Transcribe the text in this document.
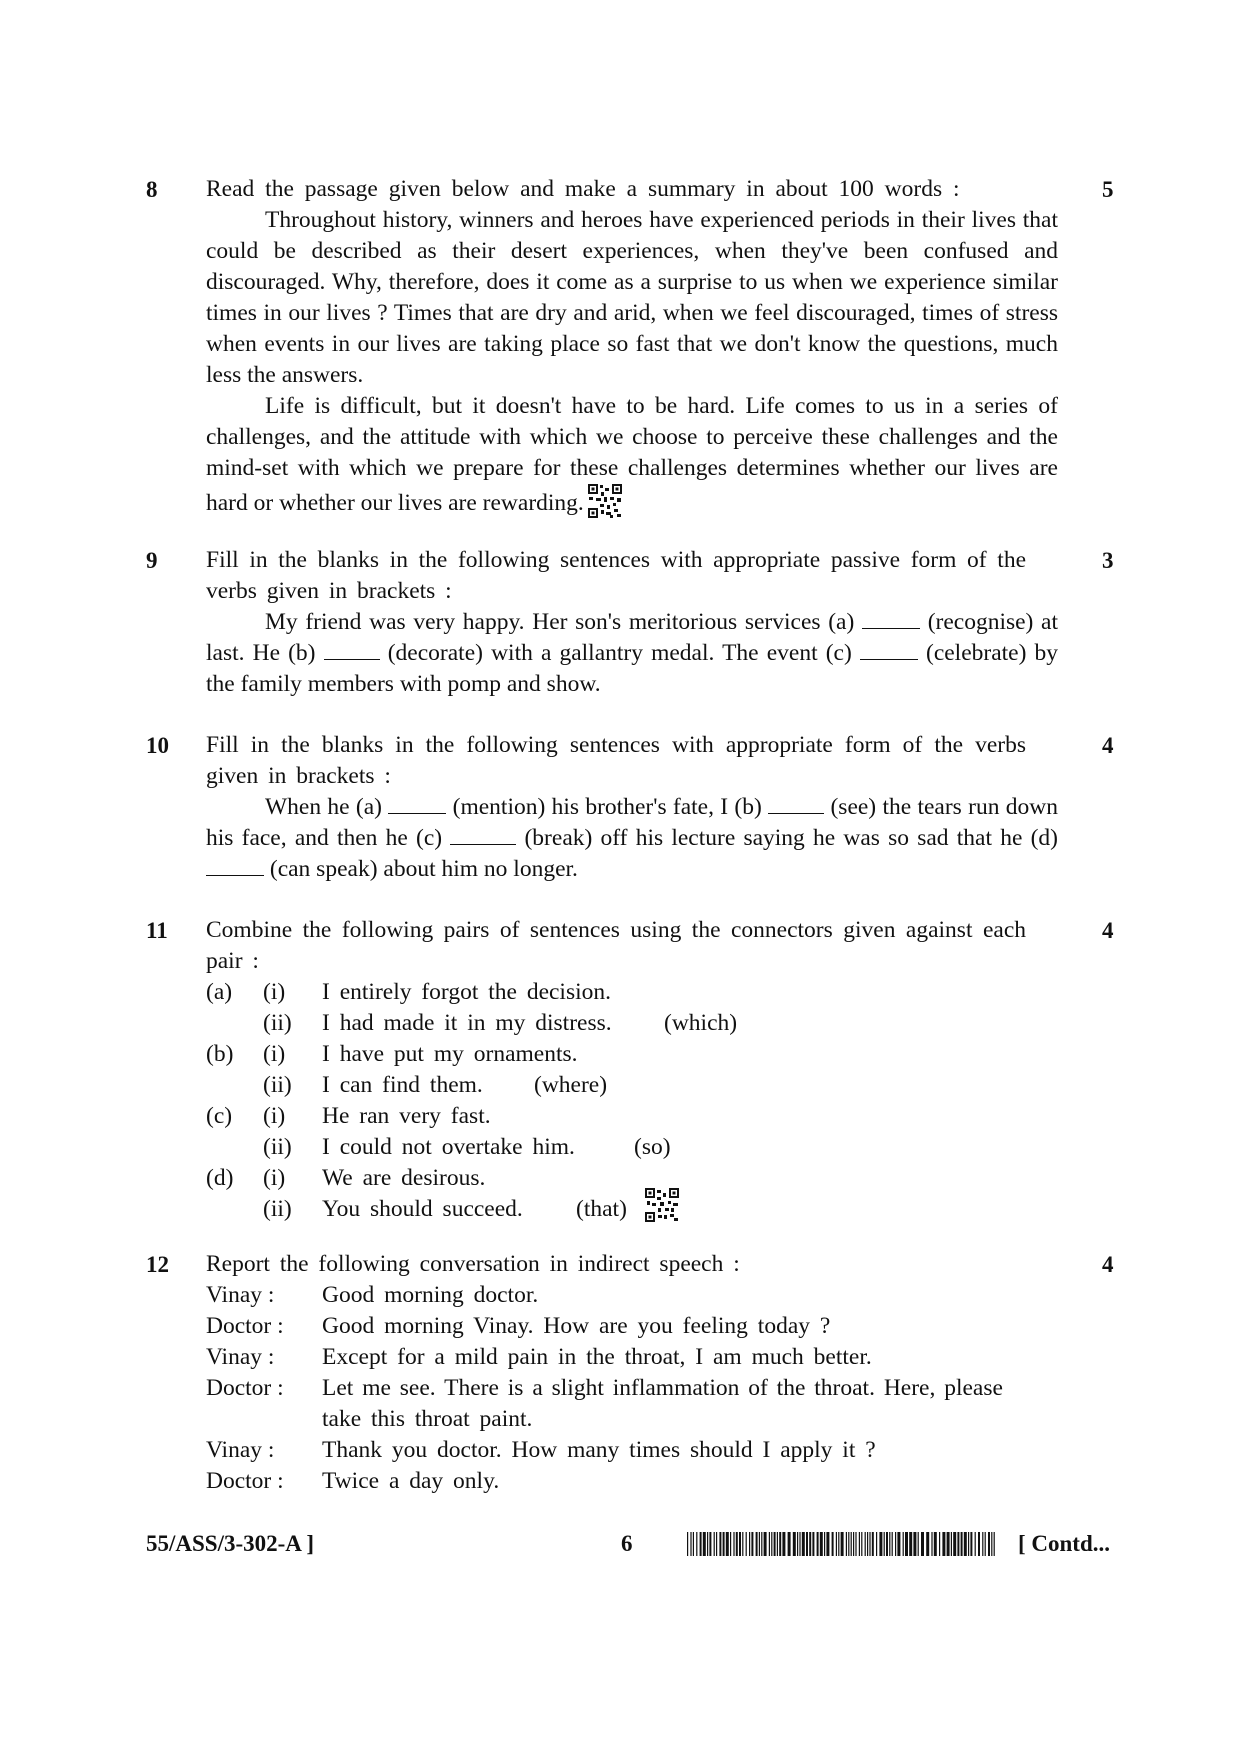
8 Read the passage given below and make a summary in about 100 words :

Throughout history, winners and heroes have experienced periods in their lives that could be described as their desert experiences, when they've been confused and discouraged. Why, therefore, does it come as a surprise to us when we experience similar times in our lives ? Times that are dry and arid, when we feel discouraged, times of stress when events in our lives are taking place so fast that we don't know the questions, much less the answers.

Life is difficult, but it doesn't have to be hard. Life comes to us in a series of challenges, and the attitude with which we choose to perceive these challenges and the mind-set with which we prepare for these challenges determines whether our lives are hard or whether our lives are rewarding.

5
9 Fill in the blanks in the following sentences with appropriate passive form of the verbs given in brackets :

My friend was very happy. Her son's meritorious services (a)	(recognise) at last. He (b)	(decorate) with a gallantry medal. The event (c)	(celebrate) by the family members with pomp and show.

3
10 Fill in the blanks in the following sentences with appropriate form of the verbs given in brackets :

When he (a)	(mention) his brother's fate, I (b)	(see) the tears run down his face, and then he (c)	(break) off his lecture saying he was so sad that he (d)  (can speak) about him no longer.

4
11 Combine the following pairs of sentences using the connectors given against each pair :

4
(a) (i) I entirely forgot the decision.
(ii) I had made it in my distress. (which)
(b) (i) I have put my ornaments.
(ii) I can find them. (where)
(c) (i) He ran very fast.
(ii) I could not overtake him.	(so)
(d) (i) We are desirous.
(ii) You should succeed. (that)
12 Report the following conversation in indirect speech :	4
Vinay : Good morning doctor.
Doctor : Good morning Vinay. How are you feeling today ?
Vinay : Except for a mild pain in the throat, I am much better.
Doctor : Let me see. There is a slight inflammation of the throat. Here, please
take this throat paint.
Vinay : Thank you doctor. How many times should I apply it ?
Doctor : Twice a day only.
55/ASS/3-302-A ]	6	[ Contd...
